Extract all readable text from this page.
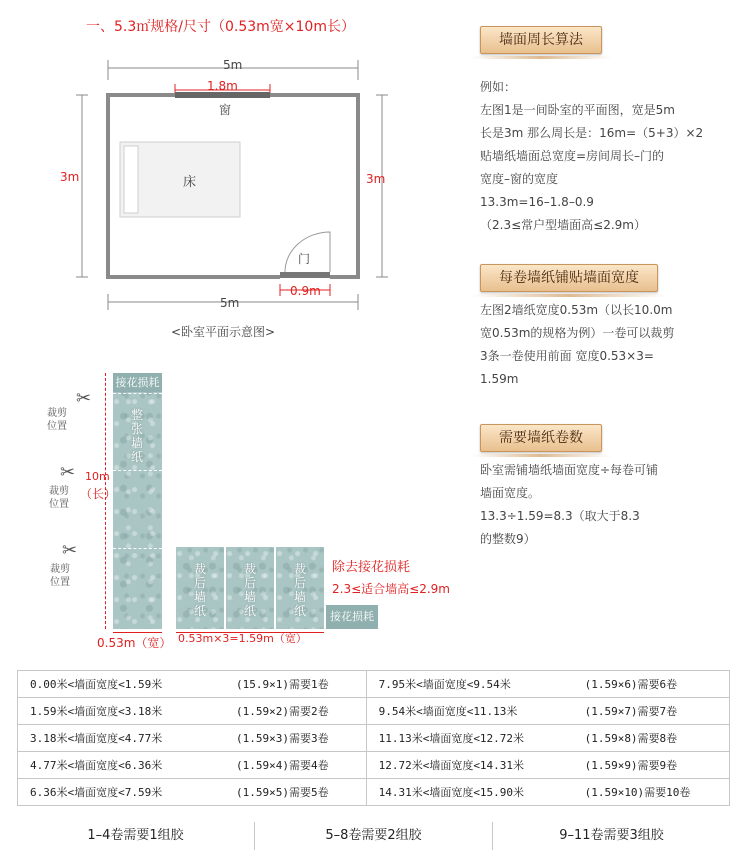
一、5.3㎡规格/尺寸（0.53m宽×10m长）
5m
1.8m
窗
3m	3m
床
门
0.9m
5m
<卧室平面示意图>
接花损耗
整张墙纸
10m
（长）
✂
裁剪位置
✂
裁剪位置
✂
裁剪位置
0.53m（宽）
裁后墙纸
裁后墙纸
裁后墙纸	接花损耗
除去接花损耗
2.3≤适合墙高≤2.9m
0.53m×3=1.59m（宽）
墙面周长算法
例如：
左图1是一间卧室的平面图，宽是5m
长是3m 那么周长是：16m=（5+3）×2
贴墙纸墙面总宽度=房间周长–门的
宽度–窗的宽度
13.3m=16–1.8–0.9
（2.3≤常户型墙面高≤2.9m）
每卷墙纸铺贴墙面宽度
左图2墙纸宽度0.53m（以长10.0m
宽0.53m的规格为例）一卷可以裁剪
3条一卷使用前面 宽度0.53×3=
1.59m
需要墙纸卷数
卧室需铺墙纸墙面宽度÷每卷可铺
墙面宽度。
13.3÷1.59=8.3（取大于8.3
的整数9）
0.00米<墙面宽度<1.59米 (15.9×1)需要1卷	7.95米<墙面宽度<9.54米 (1.59×6)需要6卷
1.59米<墙面宽度<3.18米 (1.59×2)需要2卷	9.54米<墙面宽度<11.13米 (1.59×7)需要7卷
3.18米<墙面宽度<4.77米 (1.59×3)需要3卷	11.13米<墙面宽度<12.72米 (1.59×8)需要8卷
4.77米<墙面宽度<6.36米 (1.59×4)需要4卷	12.72米<墙面宽度<14.31米 (1.59×9)需要9卷
6.36米<墙面宽度<7.59米 (1.59×5)需要5卷	14.31米<墙面宽度<15.90米 (1.59×10)需要10卷
1–4卷需要1组胶	5–8卷需要2组胶	9–11卷需要3组胶
